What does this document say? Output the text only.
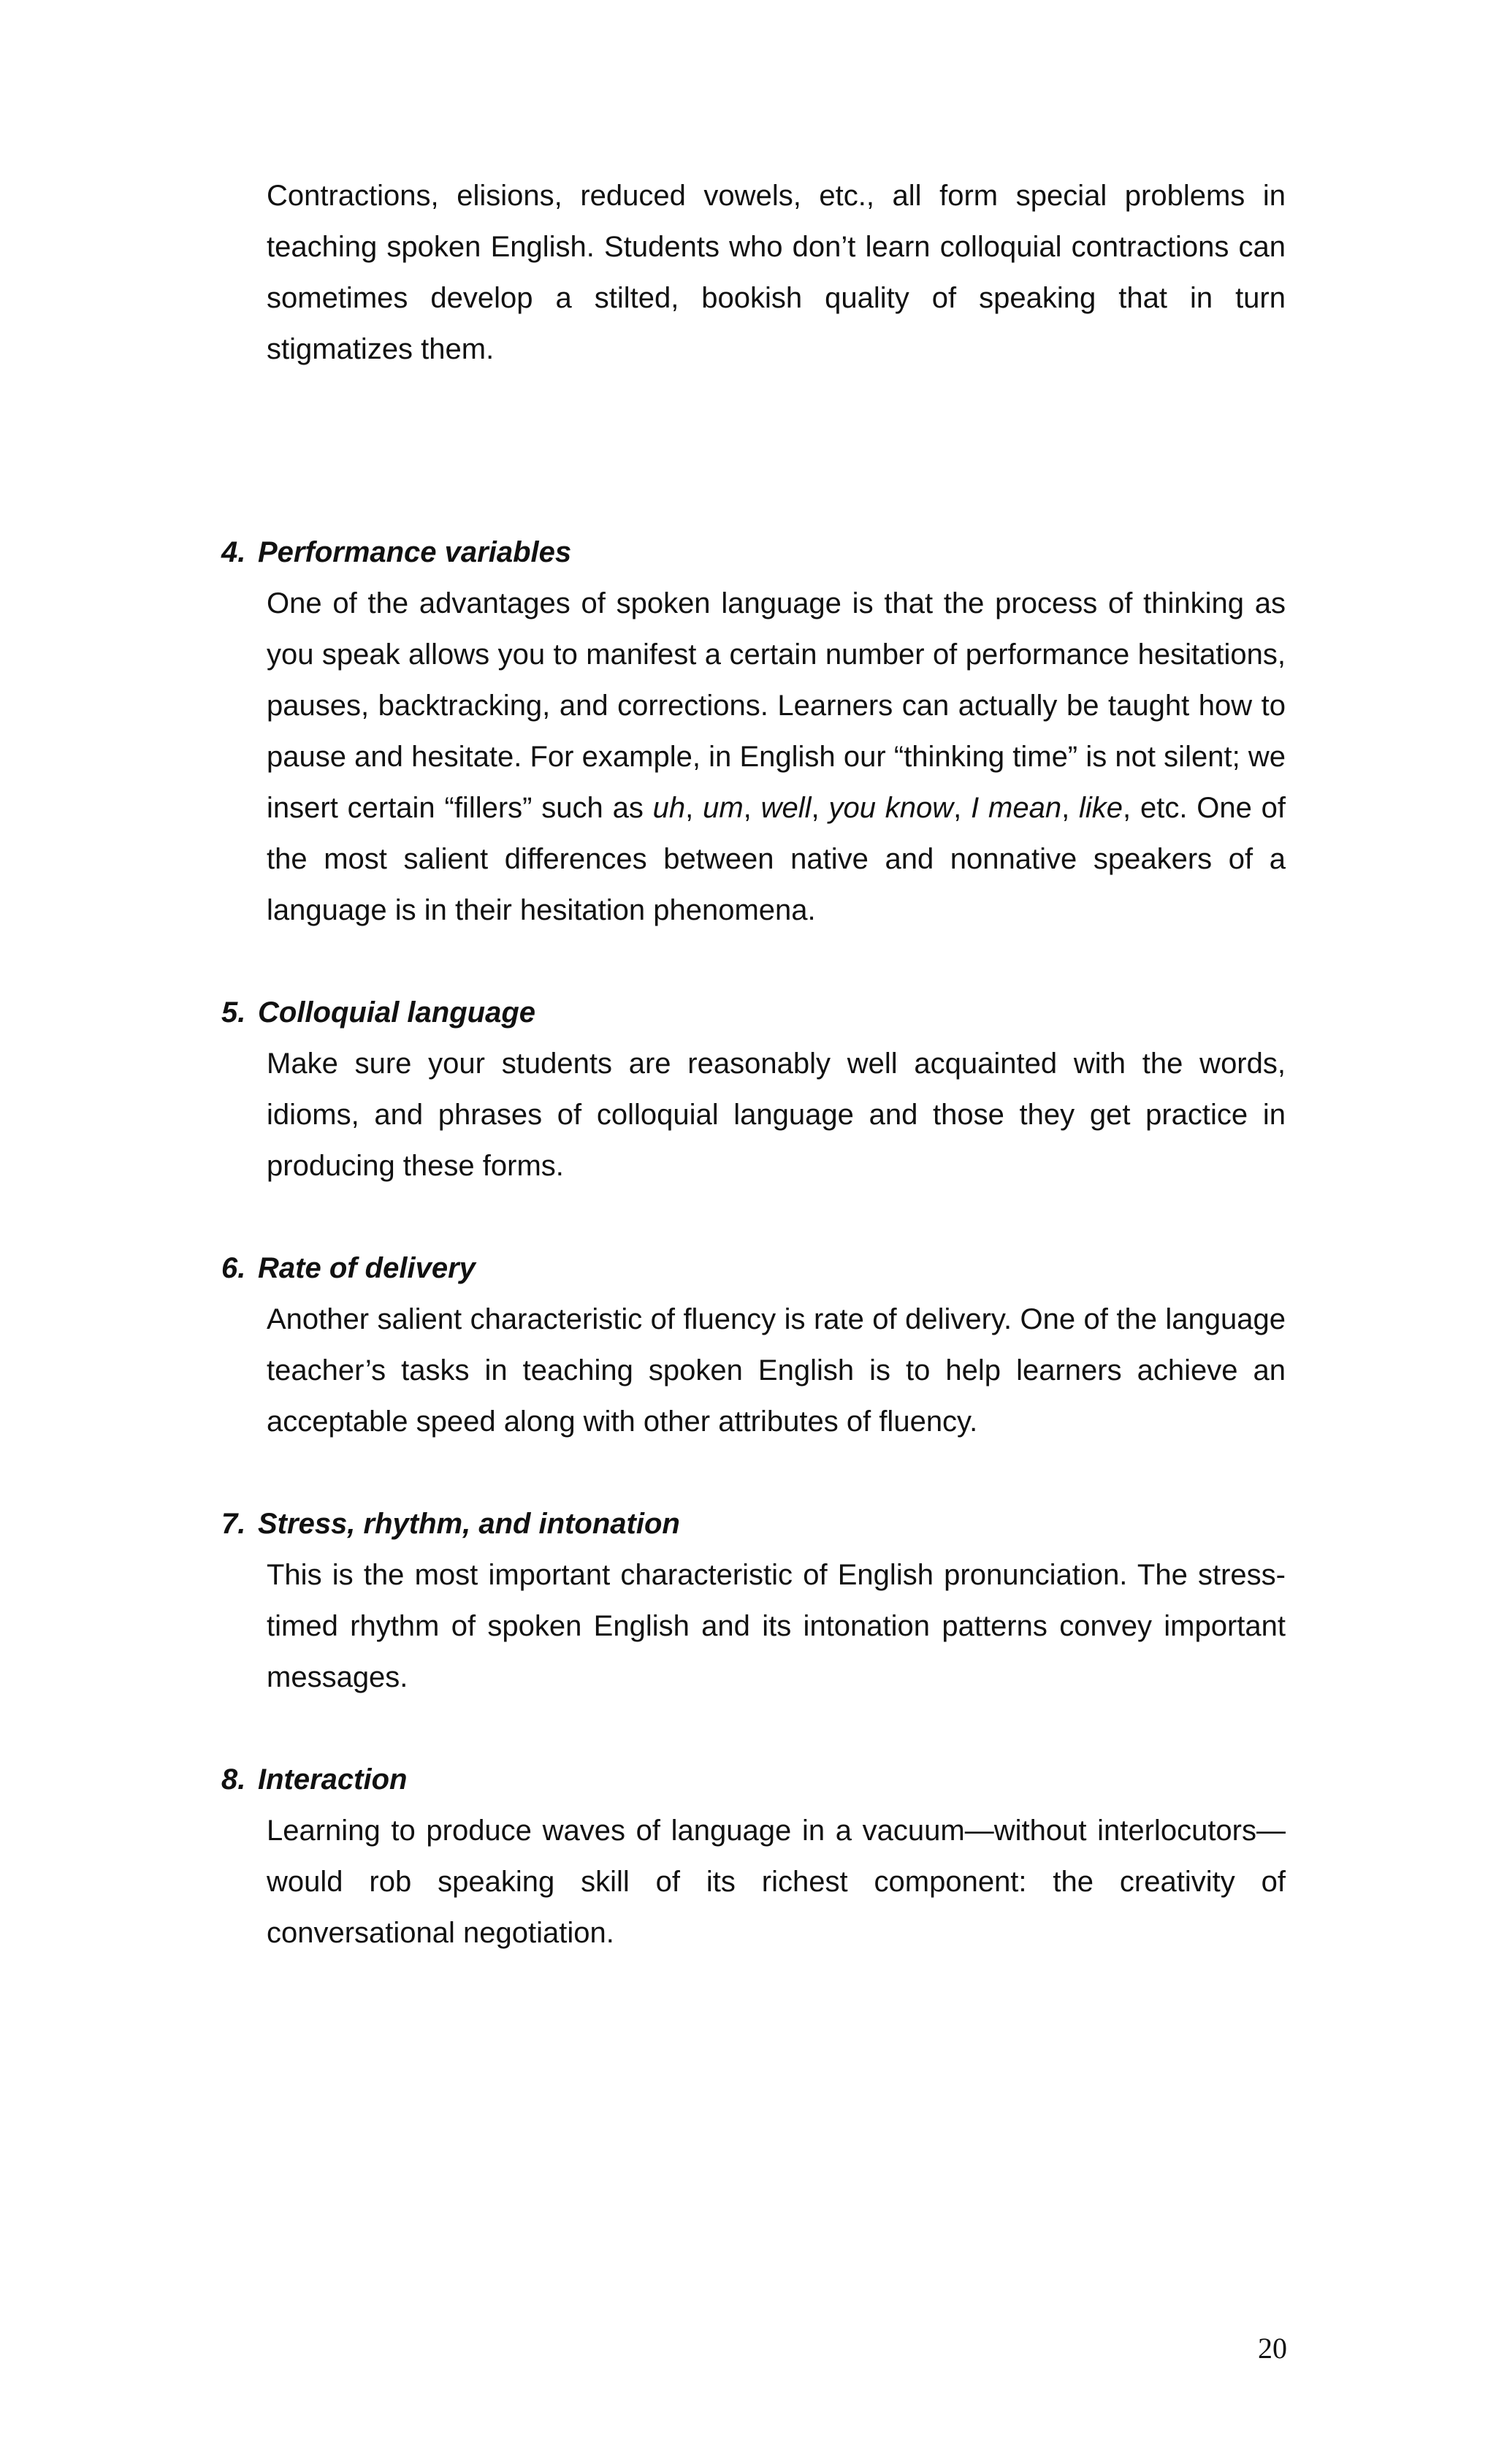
Contractions, elisions, reduced vowels, etc., all form special problems in teaching spoken English. Students who don’t learn colloquial contractions can sometimes develop a stilted, bookish quality of speaking that in turn stigmatizes them.

4. Performance variables

One of the advantages of spoken language is that the process of thinking as you speak allows you to manifest a certain number of performance hesitations, pauses, backtracking, and corrections. Learners can actually be taught how to pause and hesitate. For example, in English our “thinking time” is not silent; we insert certain “fillers” such as uh, um, well, you know, I mean, like, etc. One of the most salient differences between native and nonnative speakers of a language is in their hesitation phenomena.

5. Colloquial language

Make sure your students are reasonably well acquainted with the words, idioms, and phrases of colloquial language and those they get practice in producing these forms.

6. Rate of delivery

Another salient characteristic of fluency is rate of delivery. One of the language teacher’s tasks in teaching spoken English is to help learners achieve an acceptable speed along with other attributes of fluency.

7. Stress, rhythm, and intonation

This is the most important characteristic of English pronunciation. The stress-timed rhythm of spoken English and its intonation patterns convey important messages.

8. Interaction

Learning to produce waves of language in a vacuum—without interlocutors—would rob speaking skill of its richest component: the creativity of conversational negotiation.

20
